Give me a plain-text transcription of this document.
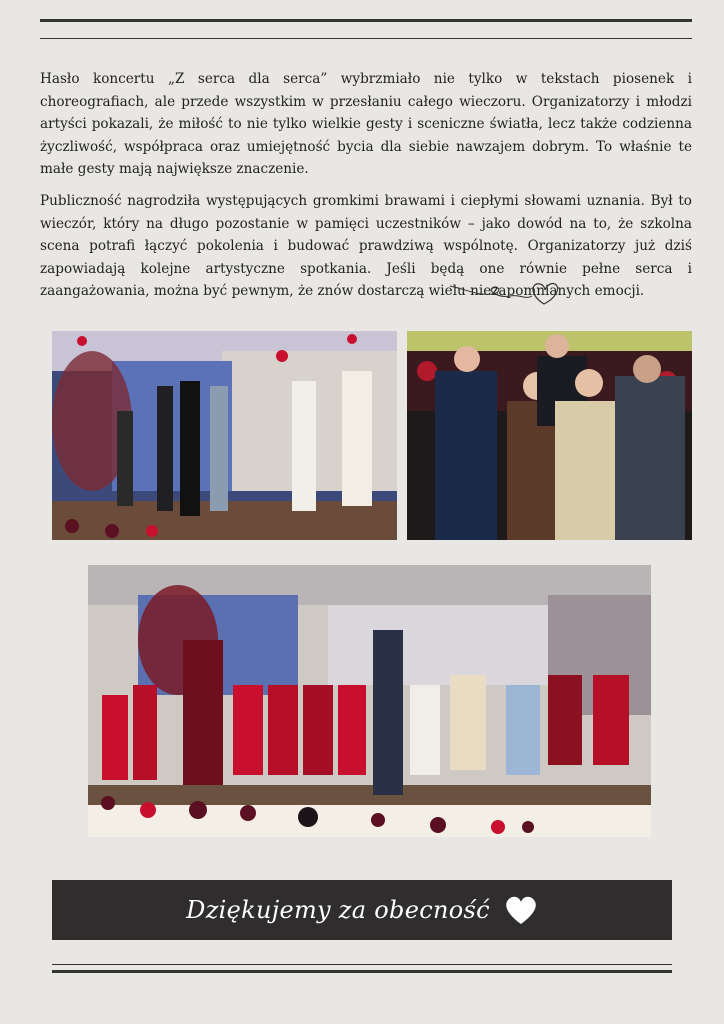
Hasło koncertu „Z serca dla serca” wybrzmiało nie tylko w tekstach piosenek i choreografiach, ale przede wszystkim w przesłaniu całego wieczoru. Organizatorzy i młodzi artyści pokazali, że miłość to nie tylko wielkie gesty i sceniczne światła, lecz także codzienna życzliwość, współpraca oraz umiejętność bycia dla siebie nawzajem dobrym. To właśnie te małe gesty mają największe znaczenie.

Publiczność nagrodziła występujących gromkimi brawami i ciepłymi słowami uznania. Był to wieczór, który na długo pozostanie w pamięci uczestników – jako dowód na to, że szkolna scena potrafi łączyć pokolenia i budować prawdziwą wspólnotę. Organizatorzy już dziś zapowiadają kolejne artystyczne spotkania. Jeśli będą one równie pełne serca i zaangażowania, można być pewnym, że znów dostarczą wielu niezapomnianych emocji.

Dziękujemy za obecność
